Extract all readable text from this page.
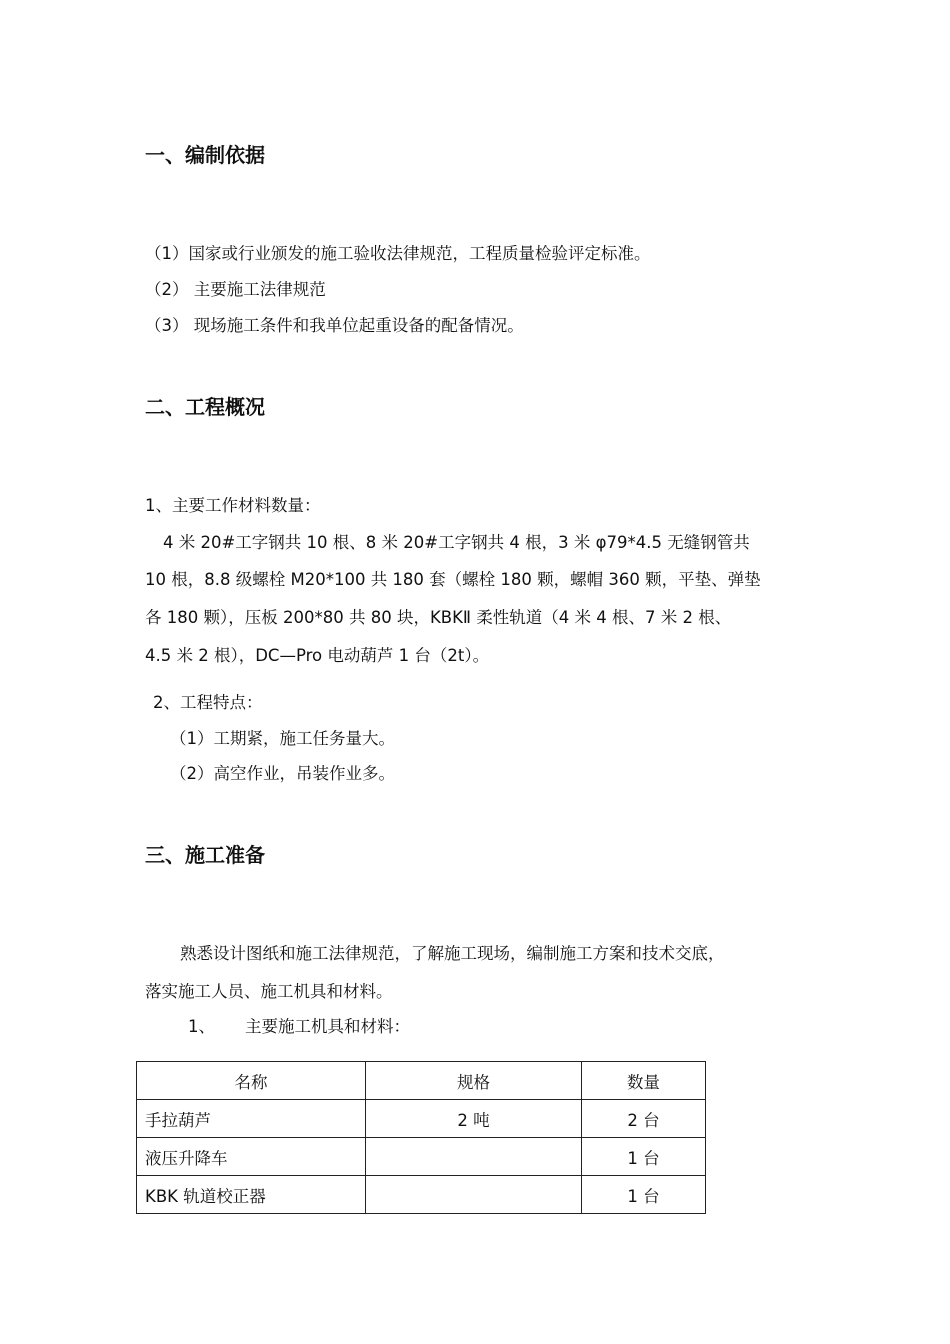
一、编制依据
（1）国家或行业颁发的施工验收法律规范，工程质量检验评定标准。
（2） 主要施工法律规范
（3） 现场施工条件和我单位起重设备的配备情况。
二、工程概况
1、主要工作材料数量：
4 米 20#工字钢共 10 根、8 米 20#工字钢共 4 根，3 米 φ79*4.5 无缝钢管共
10 根，8.8 级螺栓 M20*100 共 180 套（螺栓 180 颗，螺帽 360 颗，平垫、弹垫
各 180 颗），压板 200*80 共 80 块，KBKⅡ 柔性轨道（4 米 4 根、7 米 2 根、
4.5 米 2 根），DC—Pro 电动葫芦 1 台（2t）。
2、工程特点：
（1）工期紧，施工任务量大。
（2）高空作业，吊装作业多。
三、施工准备
熟悉设计图纸和施工法律规范，了解施工现场，编制施工方案和技术交底，
落实施工人员、施工机具和材料。
1、 主要施工机具和材料：
名称	规格	数量
手拉葫芦	2 吨	2 台
液压升降车		1 台
KBK 轨道校正器		1 台
